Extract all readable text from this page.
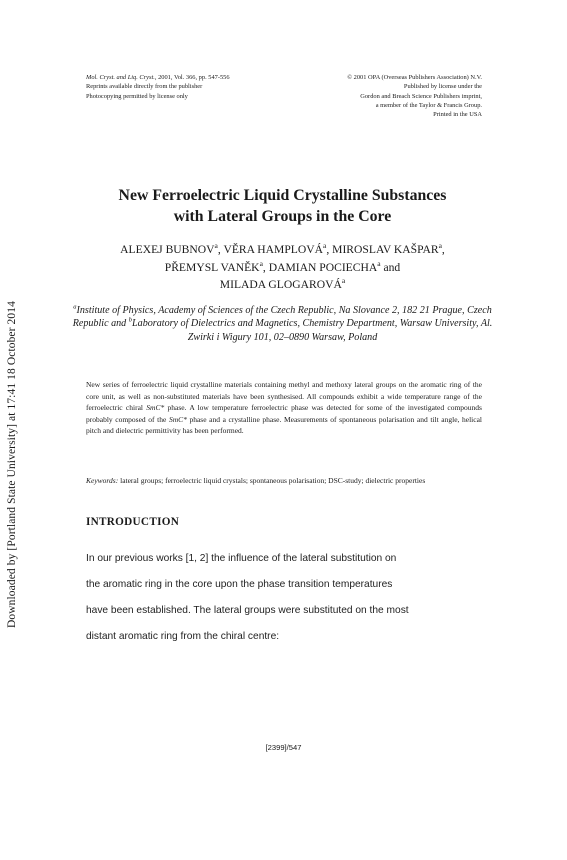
Downloaded by [Portland State University] at 17:41 18 October 2014
Mol. Cryst. and Liq. Cryst., 2001, Vol. 366, pp. 547-556
Reprints available directly from the publisher
Photocopying permitted by license only
© 2001 OPA (Overseas Publishers Association) N.V.
Published by license under the
Gordon and Breach Science Publishers imprint,
a member of the Taylor & Francis Group.
Printed in the USA
New Ferroelectric Liquid Crystalline Substances
with Lateral Groups in the Core
ALEXEJ BUBNOV$^a$, VĚRA HAMPLOVÁ$^a$, MIROSLAV KAŠPAR$^a$,
PŘEMYSL VANĚK$^a$, DAMIAN POCIECHA$^a$ and
MILADA GLOGAROVÁ$^a$
$^a$Institute of Physics, Academy of Sciences of the Czech Republic, Na Slovance 2, 182 21 Prague, Czech Republic and $^b$Laboratory of Dielectrics and Magnetics, Chemistry Department, Warsaw University, Al. Zwirki i Wigury 101, 02–0890 Warsaw, Poland
New series of ferroelectric liquid crystalline materials containing methyl and methoxy lateral groups on the aromatic ring of the core unit, as well as non-substituted materials have been synthesised. All compounds exhibit a wide temperature range of the ferroelectric chiral SmC* phase. A low temperature ferroelectric phase was detected for some of the investigated compounds probably composed of the SmC* phase and a crystalline phase. Measurements of spontaneous polarisation and tilt angle, helical pitch and dielectric permittivity has been performed.
Keywords: lateral groups; ferroelectric liquid crystals; spontaneous polarisation; DSC-study; dielectric properties
INTRODUCTION
In our previous works [1, 2] the influence of the lateral substitution on
the aromatic ring in the core upon the phase transition temperatures
have been established. The lateral groups were substituted on the most
distant aromatic ring from the chiral centre:
[2399]/547
